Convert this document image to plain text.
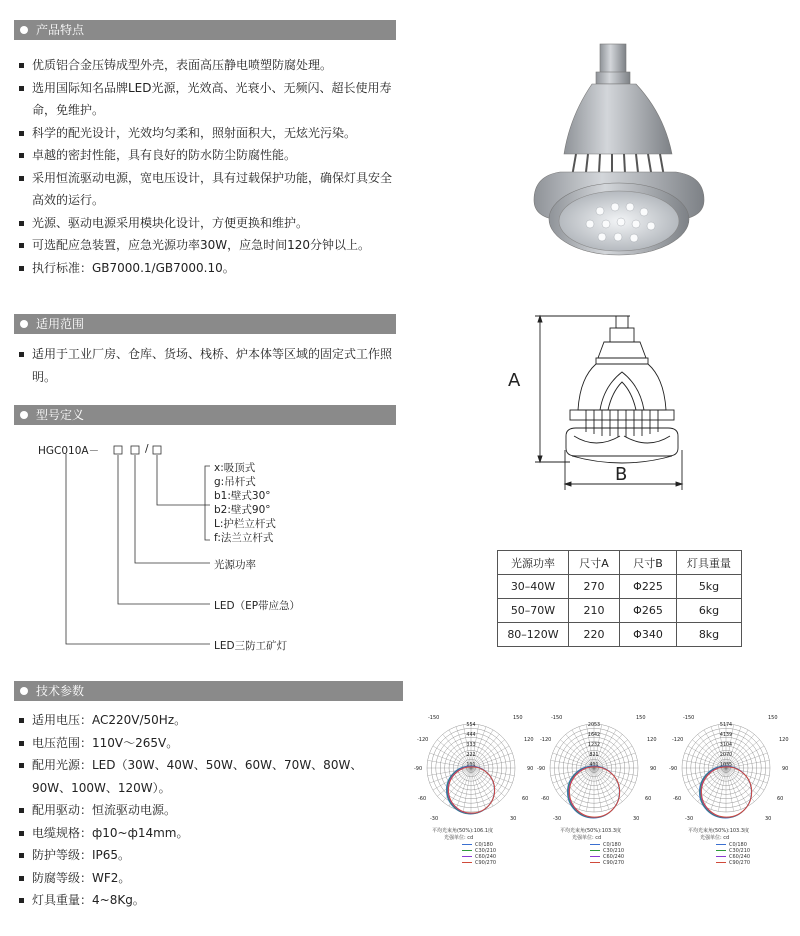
产品特点
适用范围
型号定义
技术参数
优质铝合金压铸成型外壳，表面高压静电喷塑防腐处理。
选用国际知名品牌LED光源，光效高、光衰小、无频闪、超长使用寿命，免维护。
科学的配光设计，光效均匀柔和，照射面积大，无炫光污染。
卓越的密封性能，具有良好的防水防尘防腐性能。
采用恒流驱动电源，宽电压设计，具有过载保护功能，确保灯具安全高效的运行。
光源、驱动电源采用模块化设计，方便更换和维护。
可选配应急装置，应急光源功率30W，应急时间120分钟以上。
执行标准：GB7000.1/GB7000.10。
适用于工业厂房、仓库、货场、栈桥、炉本体等区域的固定式工作照明。
HGC010A－	/
x:吸顶式
g:吊杆式
b1:壁式30°
b2:壁式90°
L:护栏立杆式
f:法兰立杆式
光源功率
LED（EP带应急）
LED三防工矿灯
A
B
光源功率	尺寸A	尺寸B	灯具重量
30–40W	270	Φ225	5kg
50–70W	210	Φ265	6kg
80–120W	220	Φ340	8kg
适用电压：AC220V/50Hz。
电压范围：110V～265V。
配用光源：LED（30W、40W、50W、60W、70W、80W、90W、100W、120W）。
配用驱动：恒流驱动电源。
电缆规格：ф10~ф14mm。
防护等级：IP65。
防腐等级：WF2。
灯具重量：4~8Kg。
554
444
333
222
111
-150
-120
-90
-60
-30
150
120
90
60
30
平均光束角(50%):106.1度
光强单位: cd
C0/180
C30/210
C60/240
C90/270
2053
1642
1232
821
411
-150
-120
-90
-60
-30
150
120
90
60
30
平均光束角(50%):103.3度
光强单位: cd
C0/180
C30/210
C60/240
C90/270
5174
4139
3104
2070
1035
-150
-120
-90
-60
-30
150
120
90
60
30
平均光束角(50%):103.3度
光强单位: cd
C0/180
C30/210
C60/240
C90/270
